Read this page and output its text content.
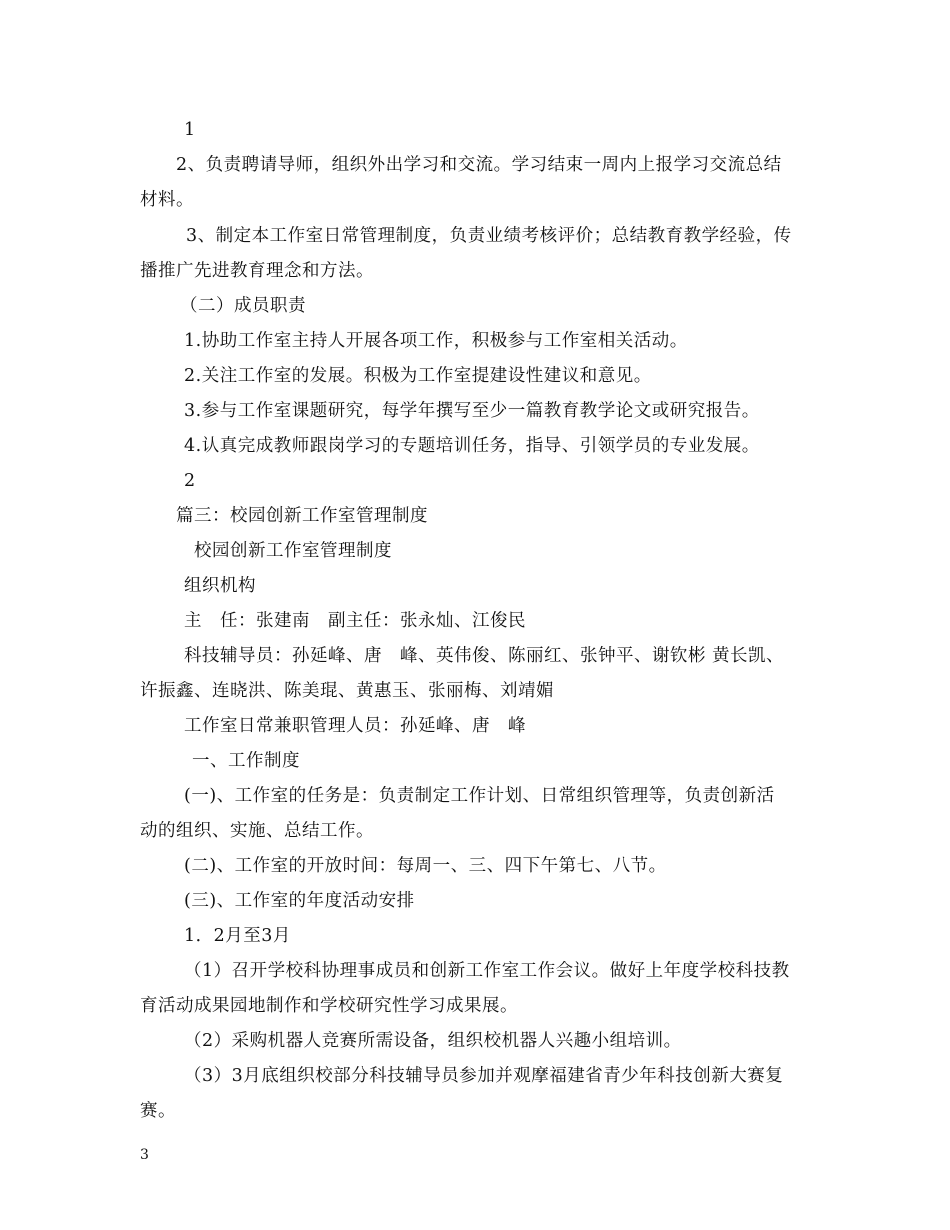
1
2、负责聘请导师，组织外出学习和交流。学习结束一周内上报学习交流总结
材料。
3、制定本工作室日常管理制度，负责业绩考核评价；总结教育教学经验，传
播推广先进教育理念和方法。
（二）成员职责
1.协助工作室主持人开展各项工作，积极参与工作室相关活动。
2.关注工作室的发展。积极为工作室提建设性建议和意见。
3.参与工作室课题研究，每学年撰写至少一篇教育教学论文或研究报告。
4.认真完成教师跟岗学习的专题培训任务，指导、引领学员的专业发展。
2
篇三：校园创新工作室管理制度
校园创新工作室管理制度
组织机构
主　任：张建南　副主任：张永灿、江俊民
科技辅导员：孙延峰、唐　峰、英伟俊、陈丽红、张钟平、谢钦彬 黄长凯、
许振鑫、连晓洪、陈美琨、黄惠玉、张丽梅、刘靖媚
工作室日常兼职管理人员：孙延峰、唐　峰
一、工作制度
(一)、工作室的任务是：负责制定工作计划、日常组织管理等，负责创新活
动的组织、实施、总结工作。
(二)、工作室的开放时间：每周一、三、四下午第七、八节。
(三)、工作室的年度活动安排
1．2月至3月
（1）召开学校科协理事成员和创新工作室工作会议。做好上年度学校科技教
育活动成果园地制作和学校研究性学习成果展。
（2）采购机器人竞赛所需设备，组织校机器人兴趣小组培训。
（3）3月底组织校部分科技辅导员参加并观摩福建省青少年科技创新大赛复
赛。
3
